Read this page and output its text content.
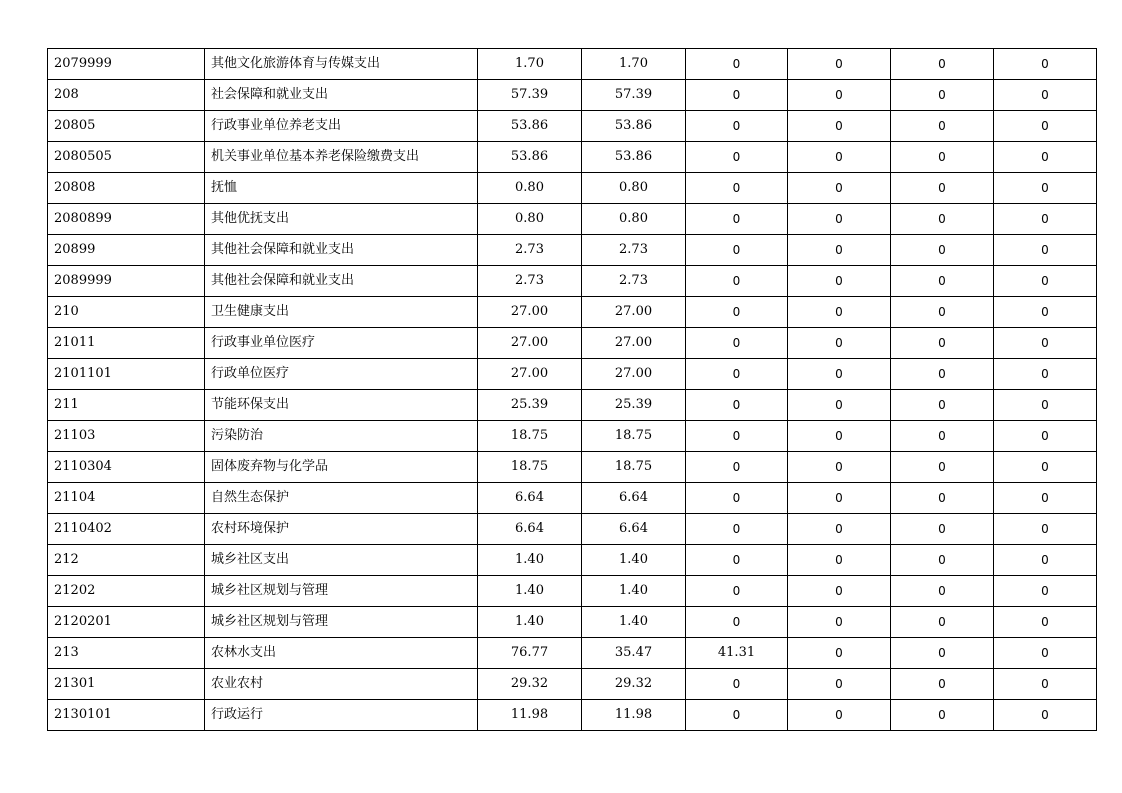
2079999	其他文化旅游体育与传媒支出	1.70	1.70	0	0	0	0
208	社会保障和就业支出	57.39	57.39	0	0	0	0
20805	行政事业单位养老支出	53.86	53.86	0	0	0	0
2080505	机关事业单位基本养老保险缴费支出	53.86	53.86	0	0	0	0
20808	抚恤	0.80	0.80	0	0	0	0
2080899	其他优抚支出	0.80	0.80	0	0	0	0
20899	其他社会保障和就业支出	2.73	2.73	0	0	0	0
2089999	其他社会保障和就业支出	2.73	2.73	0	0	0	0
210	卫生健康支出	27.00	27.00	0	0	0	0
21011	行政事业单位医疗	27.00	27.00	0	0	0	0
2101101	行政单位医疗	27.00	27.00	0	0	0	0
211	节能环保支出	25.39	25.39	0	0	0	0
21103	污染防治	18.75	18.75	0	0	0	0
2110304	固体废弃物与化学品	18.75	18.75	0	0	0	0
21104	自然生态保护	6.64	6.64	0	0	0	0
2110402	农村环境保护	6.64	6.64	0	0	0	0
212	城乡社区支出	1.40	1.40	0	0	0	0
21202	城乡社区规划与管理	1.40	1.40	0	0	0	0
2120201	城乡社区规划与管理	1.40	1.40	0	0	0	0
213	农林水支出	76.77	35.47	41.31	0	0	0
21301	农业农村	29.32	29.32	0	0	0	0
2130101	行政运行	11.98	11.98	0	0	0	0
